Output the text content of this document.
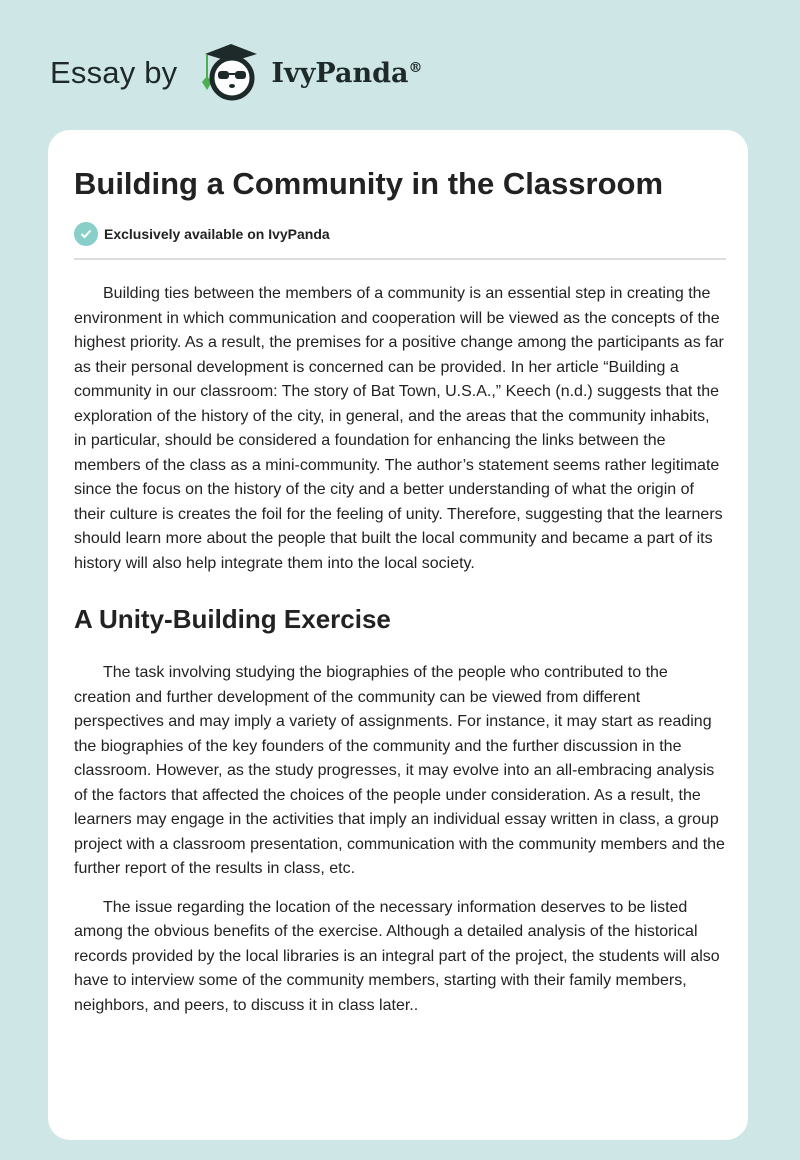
Essay by	IvyPanda®
Building a Community in the Classroom
Exclusively available on IvyPanda

Building ties between the members of a community is an essential step in creating the environment in which communication and cooperation will be viewed as the concepts of the highest priority. As a result, the premises for a positive change among the participants as far as their personal development is concerned can be provided. In her article “Building a community in our classroom: The story of Bat Town, U.S.A.,” Keech (n.d.) suggests that the exploration of the history of the city, in general, and the areas that the community inhabits, in particular, should be considered a foundation for enhancing the links between the members of the class as a mini-community. The author’s statement seems rather legitimate since the focus on the history of the city and a better understanding of what the origin of their culture is creates the foil for the feeling of unity. Therefore, suggesting that the learners should learn more about the people that built the local community and became a part of its history will also help integrate them into the local society.

A Unity-Building Exercise

The task involving studying the biographies of the people who contributed to the creation and further development of the community can be viewed from different perspectives and may imply a variety of assignments. For instance, it may start as reading the biographies of the key founders of the community and the further discussion in the classroom. However, as the study progresses, it may evolve into an all-embracing analysis of the factors that affected the choices of the people under consideration. As a result, the learners may engage in the activities that imply an individual essay written in class, a group project with a classroom presentation, communication with the community members and the further report of the results in class, etc.

The issue regarding the location of the necessary information deserves to be listed among the obvious benefits of the exercise. Although a detailed analysis of the historical records provided by the local libraries is an integral part of the project, the students will also have to interview some of the community members, starting with their family members, neighbors, and peers, to discuss it in class later..
